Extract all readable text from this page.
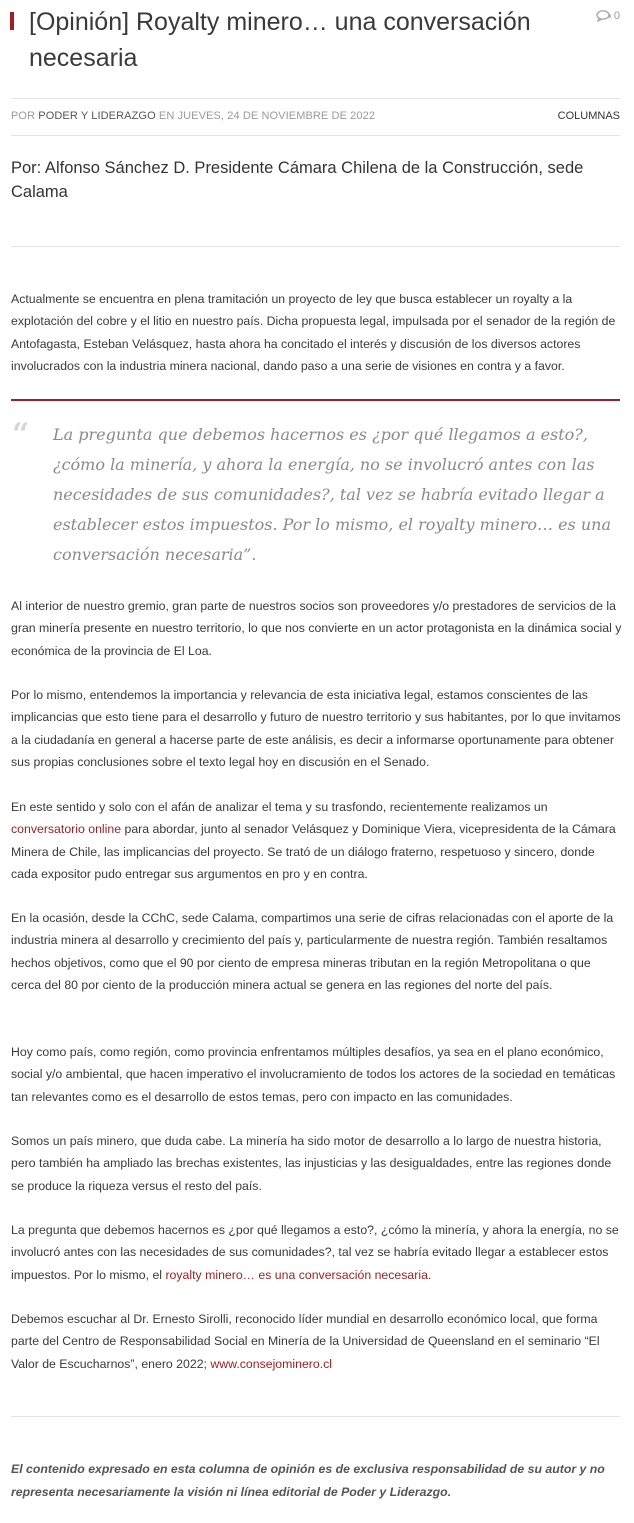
[Opinión] Royalty minero… una conversación necesaria
0
POR PODER Y LIDERAZGO EN JUEVES, 24 DE NOVIEMBRE DE 2022	COLUMNAS
Por: Alfonso Sánchez D. Presidente Cámara Chilena de la Construcción, sede Calama

Actualmente se encuentra en plena tramitación un proyecto de ley que busca establecer un royalty a la explotación del cobre y el litio en nuestro país. Dicha propuesta legal, impulsada por el senador de la región de Antofagasta, Esteban Velásquez, hasta ahora ha concitado el interés y discusión de los diversos actores involucrados con la industria minera nacional, dando paso a una serie de visiones en contra y a favor.

“ La pregunta que debemos hacernos es ¿por qué llegamos a esto?, ¿cómo la minería, y ahora la energía, no se involucró antes con las necesidades de sus comunidades?, tal vez se habría evitado llegar a establecer estos impuestos. Por lo mismo, el royalty minero… es una conversación necesaria”.

Al interior de nuestro gremio, gran parte de nuestros socios son proveedores y/o prestadores de servicios de la gran minería presente en nuestro territorio, lo que nos convierte en un actor protagonista en la dinámica social y económica de la provincia de El Loa.

Por lo mismo, entendemos la importancia y relevancia de esta iniciativa legal, estamos conscientes de las implicancias que esto tiene para el desarrollo y futuro de nuestro territorio y sus habitantes, por lo que invitamos a la ciudadanía en general a hacerse parte de este análisis, es decir a informarse oportunamente para obtener sus propias conclusiones sobre el texto legal hoy en discusión en el Senado.

En este sentido y solo con el afán de analizar el tema y su trasfondo, recientemente realizamos un conversatorio online para abordar, junto al senador Velásquez y Dominique Viera, vicepresidenta de la Cámara Minera de Chile, las implicancias del proyecto. Se trató de un diálogo fraterno, respetuoso y sincero, donde cada expositor pudo entregar sus argumentos en pro y en contra.

En la ocasión, desde la CChC, sede Calama, compartimos una serie de cifras relacionadas con el aporte de la industria minera al desarrollo y crecimiento del país y, particularmente de nuestra región. También resaltamos hechos objetivos, como que el 90 por ciento de empresa mineras tributan en la región Metropolitana o que cerca del 80 por ciento de la producción minera actual se genera en las regiones del norte del país.

Hoy como país, como región, como provincia enfrentamos múltiples desafíos, ya sea en el plano económico, social y/o ambiental, que hacen imperativo el involucramiento de todos los actores de la sociedad en temáticas tan relevantes como es el desarrollo de estos temas, pero con impacto en las comunidades.

Somos un país minero, que duda cabe. La minería ha sido motor de desarrollo a lo largo de nuestra historia, pero también ha ampliado las brechas existentes, las injusticias y las desigualdades, entre las regiones donde se produce la riqueza versus el resto del país.

La pregunta que debemos hacernos es ¿por qué llegamos a esto?, ¿cómo la minería, y ahora la energía, no se involucró antes con las necesidades de sus comunidades?, tal vez se habría evitado llegar a establecer estos impuestos. Por lo mismo, el royalty minero… es una conversación necesaria.

Debemos escuchar al Dr. Ernesto Sirolli, reconocido líder mundial en desarrollo económico local, que forma parte del Centro de Responsabilidad Social en Minería de la Universidad de Queensland en el seminario “El Valor de Escucharnos”, enero 2022; www.consejominero.cl

El contenido expresado en esta columna de opinión es de exclusiva responsabilidad de su autor y no representa necesariamente la visión ni línea editorial de Poder y Liderazgo.
